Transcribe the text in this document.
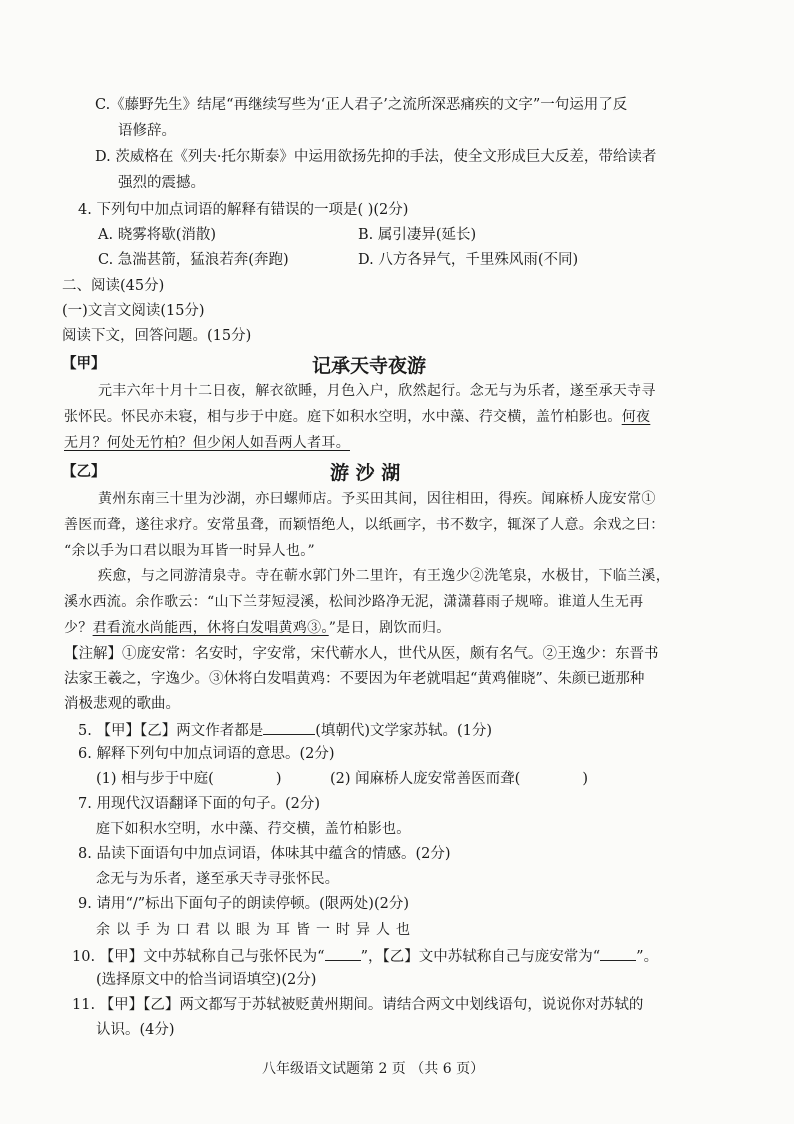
C.《藤野先生》结尾“再继续写些为‘正人君子’之流所深恶痛疾的文字”一句运用了反
语修辞。
D. 茨威格在《列夫·托尔斯泰》中运用欲扬先抑的手法，使全文形成巨大反差，带给读者
强烈的震撼。
4. 下列句中加点词语的解释有错误的一项是( )(2分)
A. 晓雾将歇(消散)	B. 属引凄异(延长)
C. 急湍甚箭，猛浪若奔(奔跑)	D. 八方各异气，千里殊风雨(不同)
二、阅读(45分)
(一)文言文阅读(15分)
阅读下文，回答问题。(15分)
【甲】	记承天寺夜游
元丰六年十月十二日夜，解衣欲睡，月色入户，欣然起行。念无与为乐者，遂至承天寺寻
张怀民。怀民亦未寝，相与步于中庭。庭下如积水空明，水中藻、荇交横，盖竹柏影也。何夜
无月？何处无竹柏？但少闲人如吾两人者耳。
【乙】	游 沙 湖
黄州东南三十里为沙湖，亦曰螺师店。予买田其间，因往相田，得疾。闻麻桥人庞安常①
善医而聋，遂往求疗。安常虽聋，而颖悟绝人，以纸画字，书不数字，辄深了人意。余戏之曰：
“余以手为口君以眼为耳皆一时异人也。”
疾愈，与之同游清泉寺。寺在蕲水郭门外二里许，有王逸少②洗笔泉，水极甘，下临兰溪，
溪水西流。余作歌云：“山下兰芽短浸溪，松间沙路净无泥，潇潇暮雨子规啼。谁道人生无再
少？君看流水尚能西，休将白发唱黄鸡③。”是日，剧饮而归。
【注解】①庞安常：名安时，字安常，宋代蕲水人，世代从医，颇有名气。②王逸少：东晋书
法家王羲之，字逸少。③休将白发唱黄鸡：不要因为年老就唱起“黄鸡催晓”、朱颜已逝那种
消极悲观的歌曲。
5. 【甲】【乙】两文作者都是	(填朝代)文学家苏轼。(1分)
6. 解释下列句中加点词语的意思。(2分)
(1) 相与步于中庭(	)	(2) 闻麻桥人庞安常善医而聋(	)
7. 用现代汉语翻译下面的句子。(2分)
庭下如积水空明，水中藻、荇交横，盖竹柏影也。
8. 品读下面语句中加点词语，体味其中蕴含的情感。(2分)
念无与为乐者，遂至承天寺寻张怀民。
9. 请用“/”标出下面句子的朗读停顿。(限两处)(2分)
余以手为口君以眼为耳皆一时异人也
10. 【甲】文中苏轼称自己与张怀民为“ ”，【乙】文中苏轼称自己与庞安常为“ ”。
(选择原文中的恰当词语填空)(2分)
11. 【甲】【乙】两文都写于苏轼被贬黄州期间。请结合两文中划线语句，说说你对苏轼的
认识。(4分)
八年级语文试题第 2 页 （共 6 页）
